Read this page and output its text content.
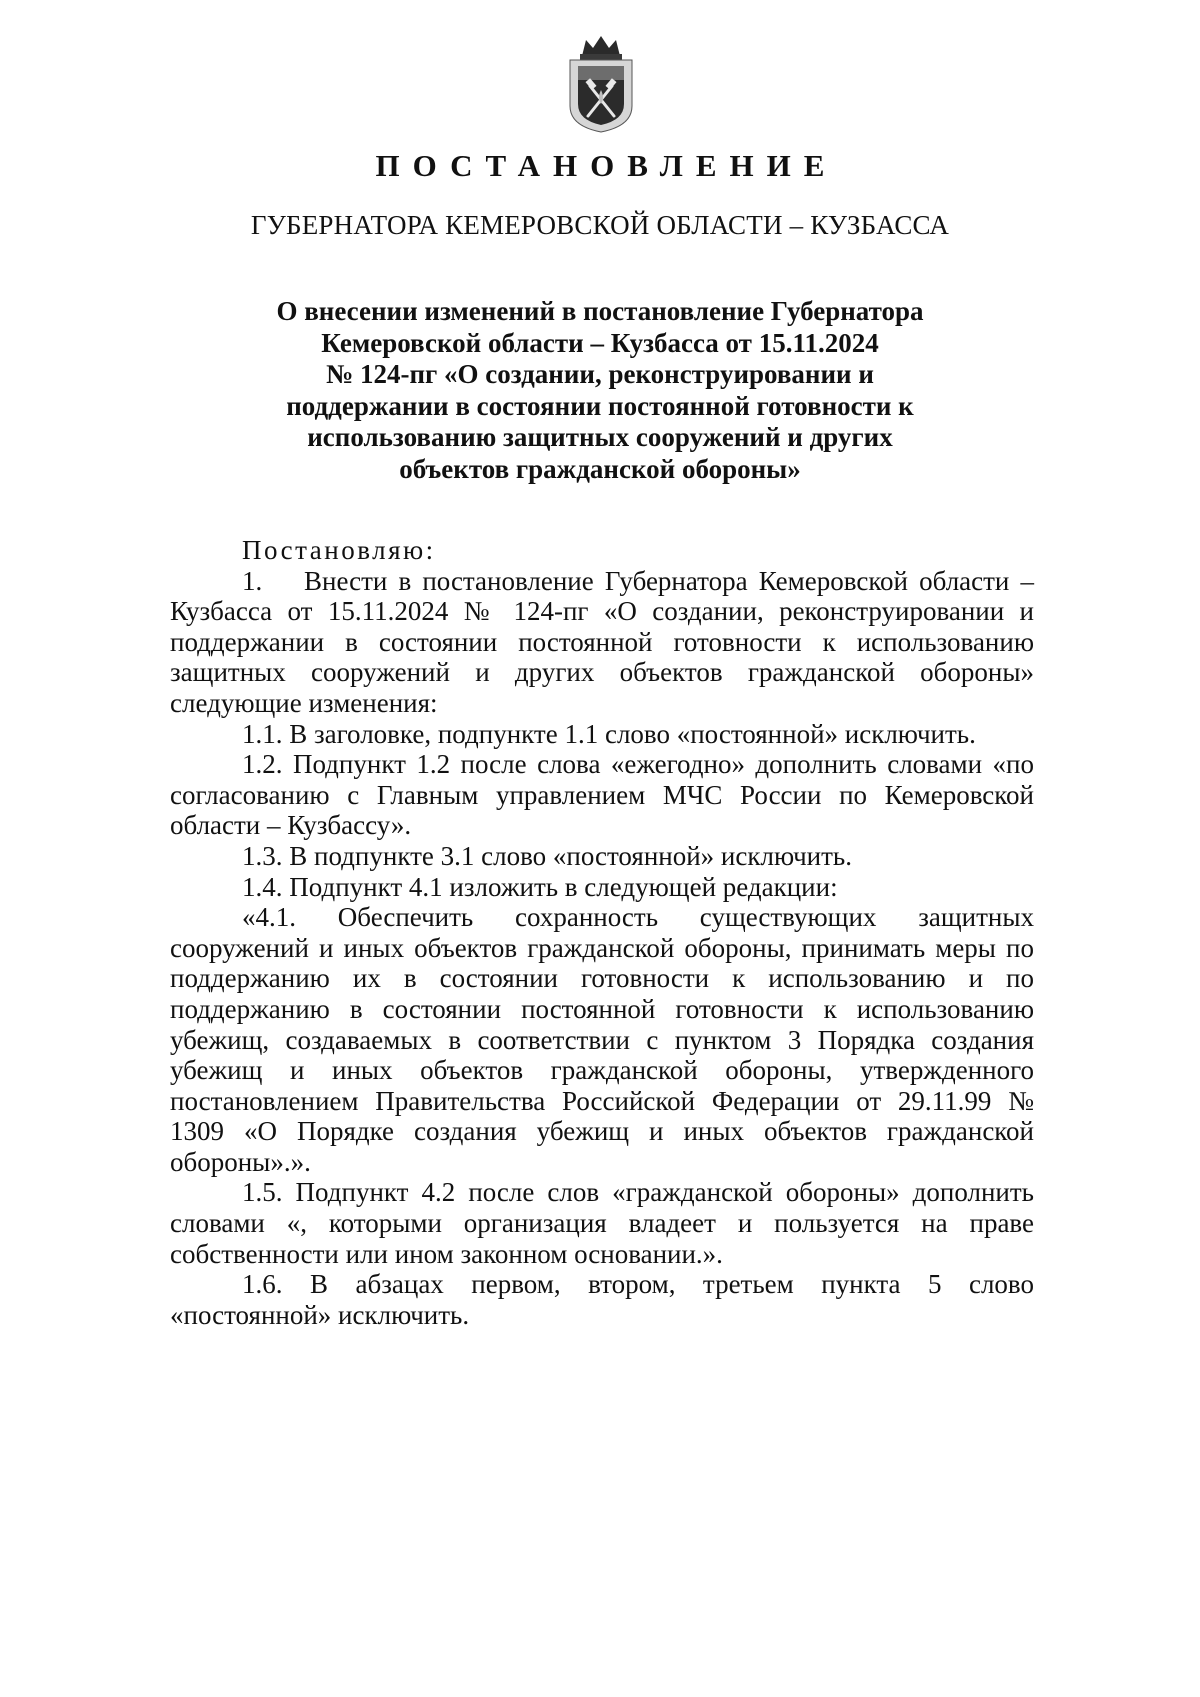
ПОСТАНОВЛЕНИЕ
ГУБЕРНАТОРА КЕМЕРОВСКОЙ ОБЛАСТИ – КУЗБАССА
О внесении изменений в постановление Губернатора
Кемеровской области – Кузбасса от 15.11.2024
№ 124-пг «О создании, реконструировании и
поддержании в состоянии постоянной готовности к
использованию защитных сооружений и других
объектов гражданской обороны»
Постановляю:

1. Внести в постановление Губернатора Кемеровской области – Кузбасса от 15.11.2024 № 124-пг «О создании, реконструировании и поддержании в состоянии постоянной готовности к использованию защитных сооружений и других объектов гражданской обороны» следующие изменения:

1.1. В заголовке, подпункте 1.1 слово «постоянной» исключить.

1.2. Подпункт 1.2 после слова «ежегодно» дополнить словами «по согласованию с Главным управлением МЧС России по Кемеровской области – Кузбассу».

1.3. В подпункте 3.1 слово «постоянной» исключить.

1.4. Подпункт 4.1 изложить в следующей редакции:

«4.1. Обеспечить сохранность существующих защитных сооружений и иных объектов гражданской обороны, принимать меры по поддержанию их в состоянии готовности к использованию и по поддержанию в состоянии постоянной готовности к использованию убежищ, создаваемых в соответствии с пунктом 3 Порядка создания убежищ и иных объектов гражданской обороны, утвержденного постановлением Правительства Российской Федерации от 29.11.99 № 1309 «О Порядке создания убежищ и иных объектов гражданской обороны».».

1.5. Подпункт 4.2 после слов «гражданской обороны» дополнить словами «, которыми организация владеет и пользуется на праве собственности или ином законном основании.».

1.6. В абзацах первом, втором, третьем пункта 5 слово «постоянной» исключить.
